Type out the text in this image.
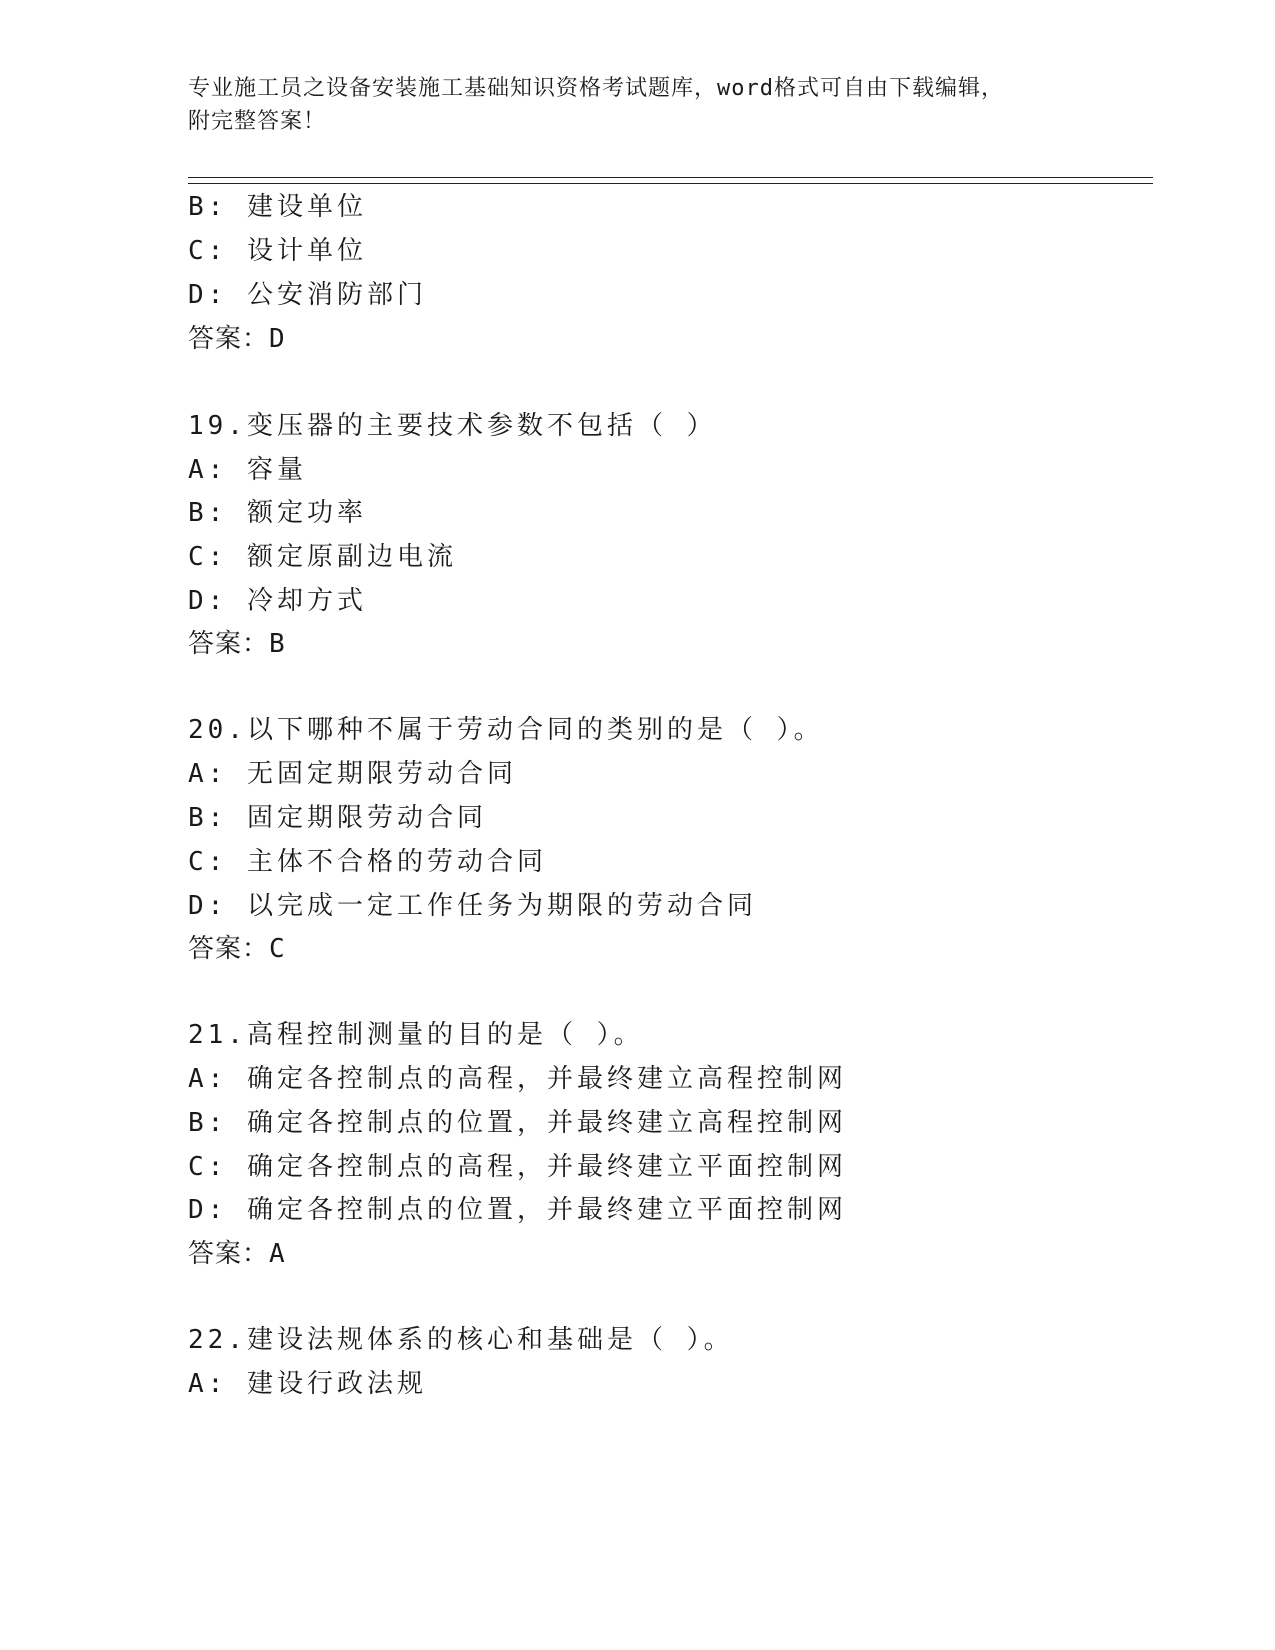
专业施工员之设备安装施工基础知识资格考试题库，word格式可自由下载编辑，
附完整答案！
B: 建设单位
C: 设计单位
D: 公安消防部门
答案：D
19.变压器的主要技术参数不包括（ ）
A: 容量
B: 额定功率
C: 额定原副边电流
D: 冷却方式
答案：B
20.以下哪种不属于劳动合同的类别的是（ ）。
A: 无固定期限劳动合同
B: 固定期限劳动合同
C: 主体不合格的劳动合同
D: 以完成一定工作任务为期限的劳动合同
答案：C
21.高程控制测量的目的是（ ）。
A: 确定各控制点的高程，并最终建立高程控制网
B: 确定各控制点的位置，并最终建立高程控制网
C: 确定各控制点的高程，并最终建立平面控制网
D: 确定各控制点的位置，并最终建立平面控制网
答案：A
22.建设法规体系的核心和基础是（ ）。
A: 建设行政法规
